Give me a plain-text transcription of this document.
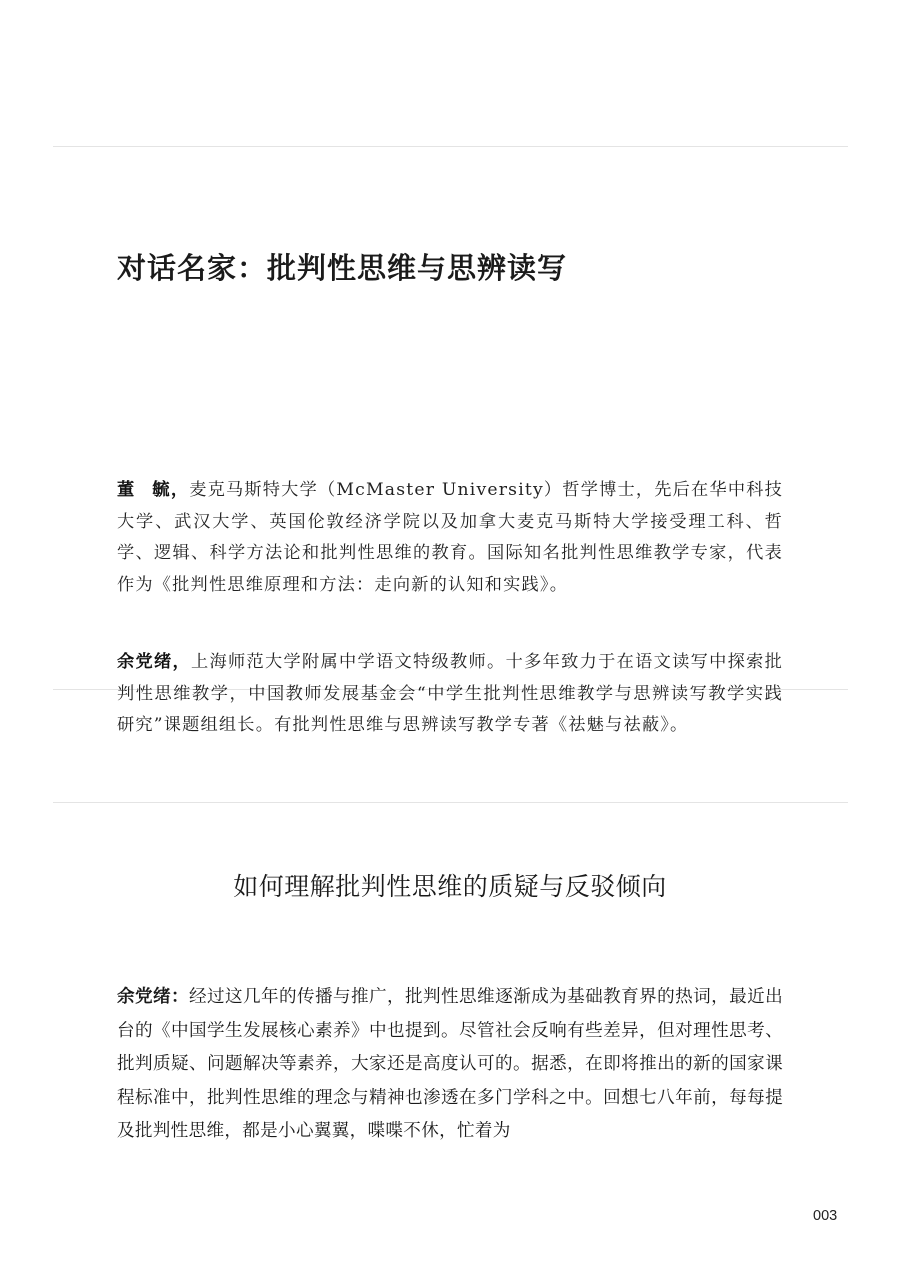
对话名家：批判性思维与思辨读写

董 毓，麦克马斯特大学（McMaster University）哲学博士，先后在华中科技大学、武汉大学、英国伦敦经济学院以及加拿大麦克马斯特大学接受理工科、哲学、逻辑、科学方法论和批判性思维的教育。国际知名批判性思维教学专家，代表作为《批判性思维原理和方法：走向新的认知和实践》。

余党绪，上海师范大学附属中学语文特级教师。十多年致力于在语文读写中探索批判性思维教学，中国教师发展基金会“中学生批判性思维教学与思辨读写教学实践研究”课题组组长。有批判性思维与思辨读写教学专著《祛魅与祛蔽》。

如何理解批判性思维的质疑与反驳倾向

余党绪：经过这几年的传播与推广，批判性思维逐渐成为基础教育界的热词，最近出台的《中国学生发展核心素养》中也提到。尽管社会反响有些差异，但对理性思考、批判质疑、问题解决等素养，大家还是高度认可的。据悉，在即将推出的新的国家课程标准中，批判性思维的理念与精神也渗透在多门学科之中。回想七八年前，每每提及批判性思维，都是小心翼翼，喋喋不休，忙着为

003
